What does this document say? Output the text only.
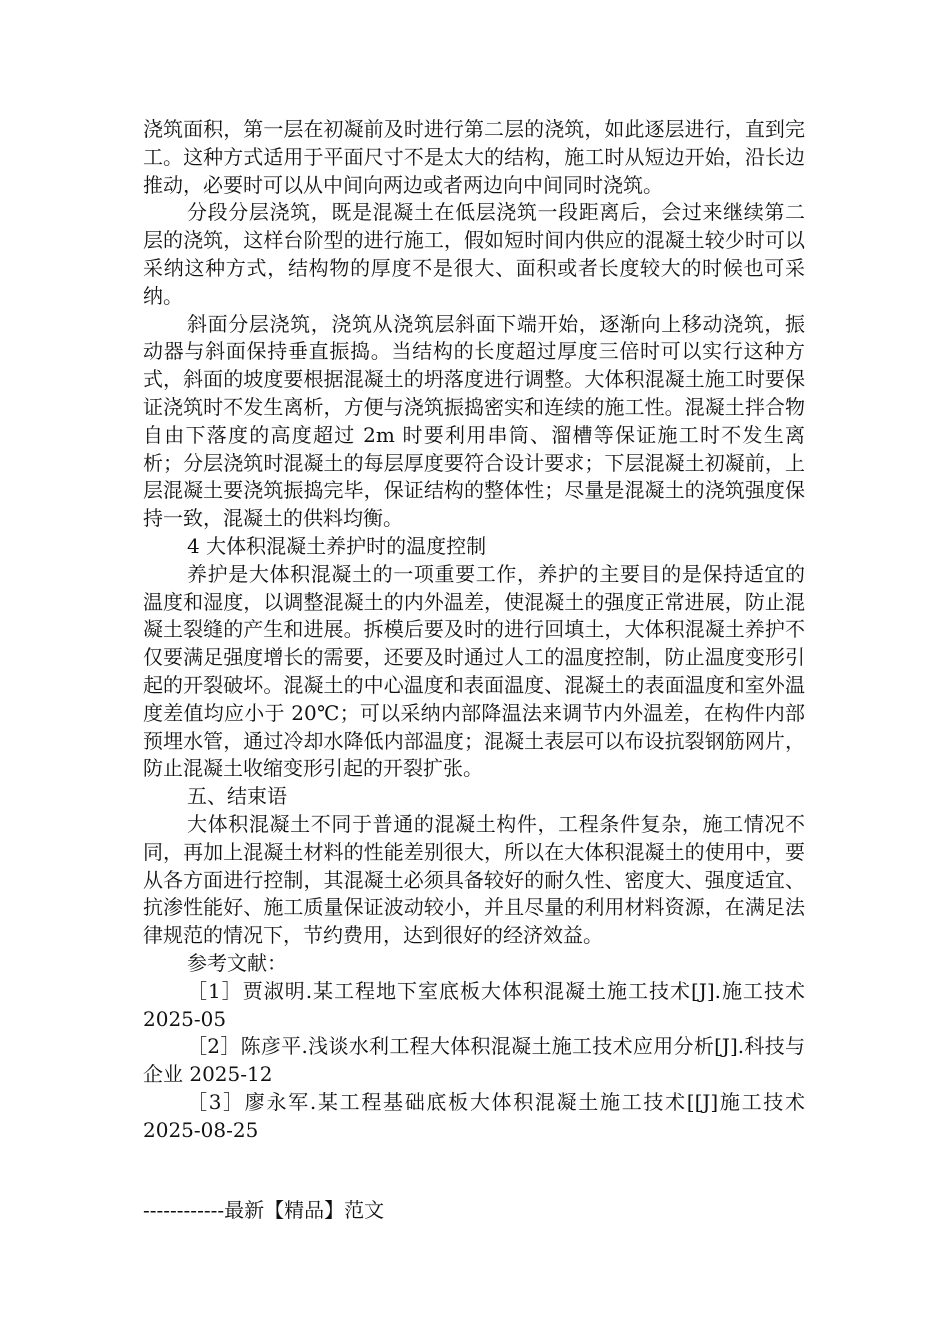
浇筑面积，第一层在初凝前及时进行第二层的浇筑，如此逐层进行，直到完工。这种方式适用于平面尺寸不是太大的结构，施工时从短边开始，沿长边推动，必要时可以从中间向两边或者两边向中间同时浇筑。

分段分层浇筑，既是混凝土在低层浇筑一段距离后，会过来继续第二层的浇筑，这样台阶型的进行施工，假如短时间内供应的混凝土较少时可以采纳这种方式，结构物的厚度不是很大、面积或者长度较大的时候也可采纳。

斜面分层浇筑，浇筑从浇筑层斜面下端开始，逐渐向上移动浇筑，振动器与斜面保持垂直振捣。当结构的长度超过厚度三倍时可以实行这种方式，斜面的坡度要根据混凝土的坍落度进行调整。大体积混凝土施工时要保证浇筑时不发生离析，方便与浇筑振捣密实和连续的施工性。混凝土拌合物自由下落度的高度超过 2m 时要利用串筒、溜槽等保证施工时不发生离析；分层浇筑时混凝土的每层厚度要符合设计要求；下层混凝土初凝前，上层混凝土要浇筑振捣完毕，保证结构的整体性；尽量是混凝土的浇筑强度保持一致，混凝土的供料均衡。

4 大体积混凝土养护时的温度控制

养护是大体积混凝土的一项重要工作，养护的主要目的是保持适宜的温度和湿度，以调整混凝土的内外温差，使混凝土的强度正常进展，防止混凝土裂缝的产生和进展。拆模后要及时的进行回填土，大体积混凝土养护不仅要满足强度增长的需要，还要及时通过人工的温度控制，防止温度变形引起的开裂破坏。混凝土的中心温度和表面温度、混凝土的表面温度和室外温度差值均应小于 20℃；可以采纳内部降温法来调节内外温差，在构件内部预埋水管，通过冷却水降低内部温度；混凝土表层可以布设抗裂钢筋网片，防止混凝土收缩变形引起的开裂扩张。

五、结束语

大体积混凝土不同于普通的混凝土构件，工程条件复杂，施工情况不同，再加上混凝土材料的性能差别很大，所以在大体积混凝土的使用中，要从各方面进行控制，其混凝土必须具备较好的耐久性、密度大、强度适宜、抗渗性能好、施工质量保证波动较小，并且尽量的利用材料资源，在满足法律规范的情况下，节约费用，达到很好的经济效益。

参考文献：

［1］贾淑明.某工程地下室底板大体积混凝土施工技术[J].施工技术 2025-05

［2］陈彦平.浅谈水利工程大体积混凝土施工技术应用分析[J].科技与企业 2025-12

［3］廖永军.某工程基础底板大体积混凝土施工技术[[J]施工技术 2025-08-25

------------最新【精品】范文
